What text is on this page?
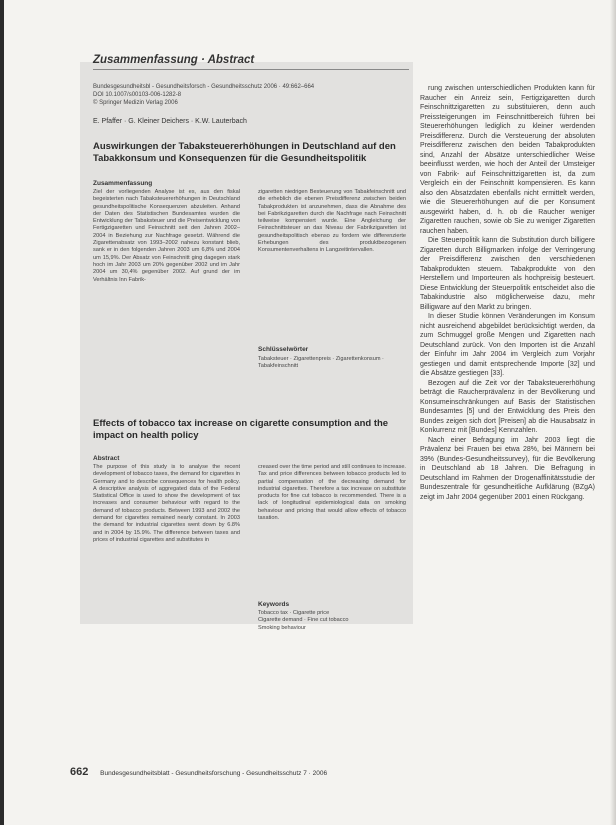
Zusammenfassung · Abstract
Bundesgesundheitsbl - Gesundheitsforsch - Gesundheitsschutz 2006 · 49:662–664
DOI 10.1007/s00103-006-1282-8
© Springer Medizin Verlag 2006
E. Pfaffer · G. Kleiner Deichers · K.W. Lauterbach
Auswirkungen der Tabaksteuererhöhungen in Deutschland auf den Tabakkonsum und Konsequenzen für die Gesundheitspolitik
Zusammenfassung
Ziel der vorliegenden Analyse ist es, aus den fiskal begeisterten nach Tabaksteuererhöhungen in Deutschland gesundheitspolitische Konsequenzen abzuleiten. Anhand der Daten des Statistischen Bundesamtes wurden die Entwicklung der Tabaksteuer und die Preisentwicklung von Fertigzigaretten und Feinschnitt seit den Jahren 2002–2004 in Beziehung zur Nachfrage gesetzt. Während die Zigarettenabsatz von 1993–2002 nahezu konstant blieb, sank er in den folgenden Jahren 2003 um 6,8% und 2004 um 15,9%. Der Absatz von Feinschnitt ging dagegen stark hoch im Jahr 2003 um 20% gegenüber 2002 und im Jahr 2004 um 30,4% gegenüber 2002. Auf grund der im Verhältnis Inn Fabrik-
zigaretten niedrigen Besteuerung von Tabakfeinschnitt und die erheblich die ebenen Preisdifferenz zwischen beiden Tabakprodukten ist anzunehmen, dass die Abnahme des bei Fabrikzigaretten durch die Nachfrage nach Feinschnitt teilweise kompensiert wurde. Eine Angleichung der Feinschnittsteuer an das Niveau der Fabrikzigaretten ist gesundheitspolitisch ebenso zu fordern wie differenzierte Erhebungen des produktbezogenen Konsumentenverhaltens in Langzeitintervallen.
Schlüsselwörter
Tabaksteuer · Zigarettenpreis · Zigarettenkonsum · Tabakfeinschnitt
Effects of tobacco tax increase on cigarette consumption and the impact on health policy
Abstract
The purpose of this study is to analyse the recent development of tobacco taxes, the demand for cigarettes in Germany and to describe consequences for health policy. A descriptive analysis of aggregated data of the Federal Statistical Office is used to show the development of tax increases and consumer behaviour with regard to the demand of tobacco products. Between 1993 and 2002 the demand for cigarettes remained nearly constant. In 2003 the demand for industrial cigarettes went down by 6.8% and in 2004 by 15.9%. The difference between taxes and prices of industrial cigarettes and substitutes in
creased over the time period and still continues to increase. Tax and price differences between tobacco products led to partial compensation of the decreasing demand for industrial cigarettes. Therefore a tax increase on substitute products for fine cut tobacco is recommended. There is a lack of longitudinal epidemiological data on smoking behaviour and pricing that would allow effects of tobacco taxation.
Keywords
Tobacco tax · Cigarette price
Cigarette demand · Fine cut tobacco
Smoking behaviour

rung zwischen unterschiedlichen Produkten kann für Raucher ein Anreiz sein, Fertigzigaretten durch Feinschnittzigaretten zu substituieren, denn auch Preissteigerungen im Feinschnittbereich führen bei Steuererhöhungen lediglich zu kleiner werdenden Preisdifferenz. Durch die Versteuerung der absoluten Preisdifferenz zwischen den beiden Tabakprodukten sind, Anzahl der Absätze unterschiedlicher Weise beeinflusst werden, wie hoch der Anteil der Umsteiger von Fabrik- auf Feinschnittzigaretten ist, da zum Vergleich ein der Feinschnitt kompensieren. Es kann also den Absatzdaten ebenfalls nicht ermittelt werden, wie die Steuererhöhungen auf die per Konsument ausgewirkt haben, d. h. ob die Raucher weniger Zigaretten rauchen, sowie ob Sie zu weniger Zigaretten rauchen haben.

Die Steuerpolitik kann die Substitution durch billigere Zigaretten durch Billigmarken infolge der Verringerung der Preisdifferenz zwischen den verschiedenen Tabakprodukten steuern. Tabakprodukte von den Herstellern und Importeuren als hochpreisig besteuert. Diese Entwicklung der Steuerpolitik entscheidet also die Tabakindustrie also möglicherweise dazu, mehr Billigware auf den Markt zu bringen.

In dieser Studie können Veränderungen im Konsum nicht ausreichend abgebildet berücksichtigt werden, da zum Schmuggel große Mengen und Zigaretten nach Deutschland zurück. Von den Importen ist die Anzahl der Einfuhr im Jahr 2004 im Vergleich zum Vorjahr gestiegen und damit entsprechende Importe [32] und die Absätze gestiegen [33].

Bezogen auf die Zeit vor der Tabaksteuererhöhung beträgt die Raucherprävalenz in der Bevölkerung und Konsumeinschränkungen auf Basis der Statistischen Bundesamtes [5] und der Entwicklung des Preis den Bundes zeigen sich dort [Preisen] ab die Hausabsatz in Konkurrenz mit [Bundes] Kennzahlen.

Nach einer Befragung im Jahr 2003 liegt die Prävalenz bei Frauen bei etwa 28%, bei Männern bei 39% (Bundes-Gesundheitssurvey), für die Bevölkerung in Deutschland ab 18 Jahren. Die Befragung in Deutschland im Rahmen der Drogenaffinitätsstudie der Bundeszentrale für gesundheitliche Aufklärung (BZgA) zeigt im Jahr 2004 gegenüber 2001 einen Rückgang.

662 Bundesgesundheitsblatt - Gesundheitsforschung - Gesundheitsschutz 7 · 2006
